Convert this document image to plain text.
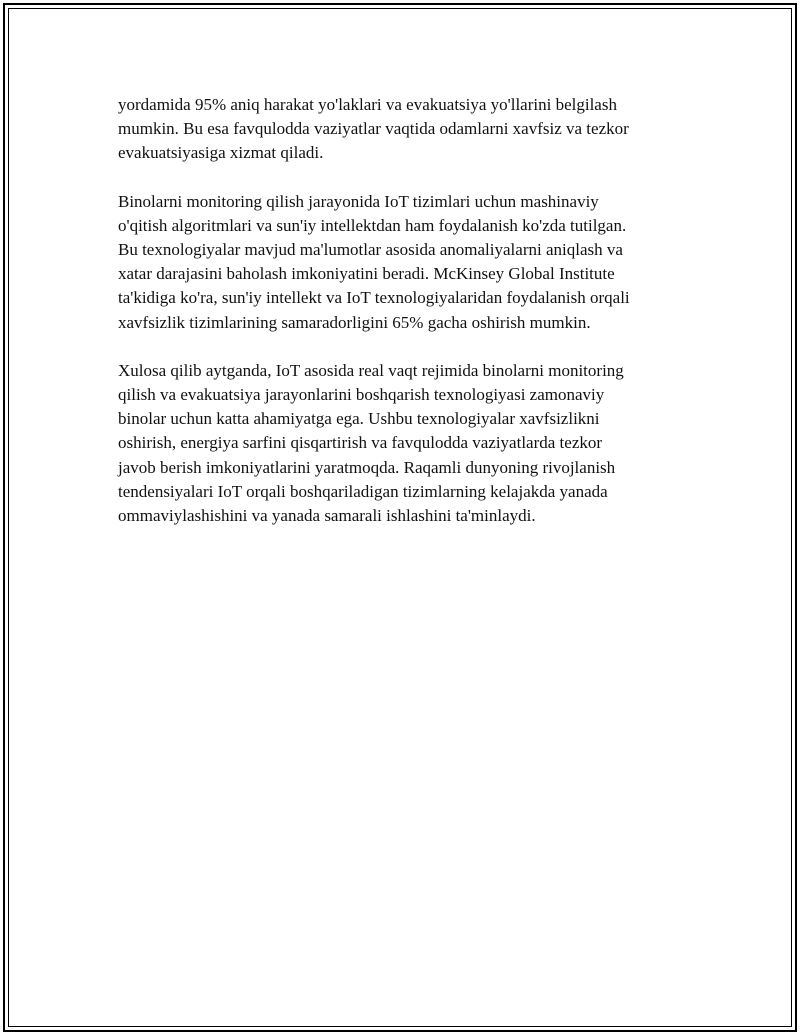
yordamida 95% aniq harakat yo'laklari va evakuatsiya yo'llarini belgilash
mumkin. Bu esa favqulodda vaziyatlar vaqtida odamlarni xavfsiz va tezkor
evakuatsiyasiga xizmat qiladi.

Binolarni monitoring qilish jarayonida IoT tizimlari uchun mashinaviy
o'qitish algoritmlari va sun'iy intellektdan ham foydalanish ko'zda tutilgan.
Bu texnologiyalar mavjud ma'lumotlar asosida anomaliyalarni aniqlash va
xatar darajasini baholash imkoniyatini beradi. McKinsey Global Institute
ta'kidiga ko'ra, sun'iy intellekt va IoT texnologiyalaridan foydalanish orqali
xavfsizlik tizimlarining samaradorligini 65% gacha oshirish mumkin.

Xulosa qilib aytganda, IoT asosida real vaqt rejimida binolarni monitoring
qilish va evakuatsiya jarayonlarini boshqarish texnologiyasi zamonaviy
binolar uchun katta ahamiyatga ega. Ushbu texnologiyalar xavfsizlikni
oshirish, energiya sarfini qisqartirish va favqulodda vaziyatlarda tezkor
javob berish imkoniyatlarini yaratmoqda. Raqamli dunyoning rivojlanish
tendensiyalari IoT orqali boshqariladigan tizimlarning kelajakda yanada
ommaviylashishini va yanada samarali ishlashini ta'minlaydi.
